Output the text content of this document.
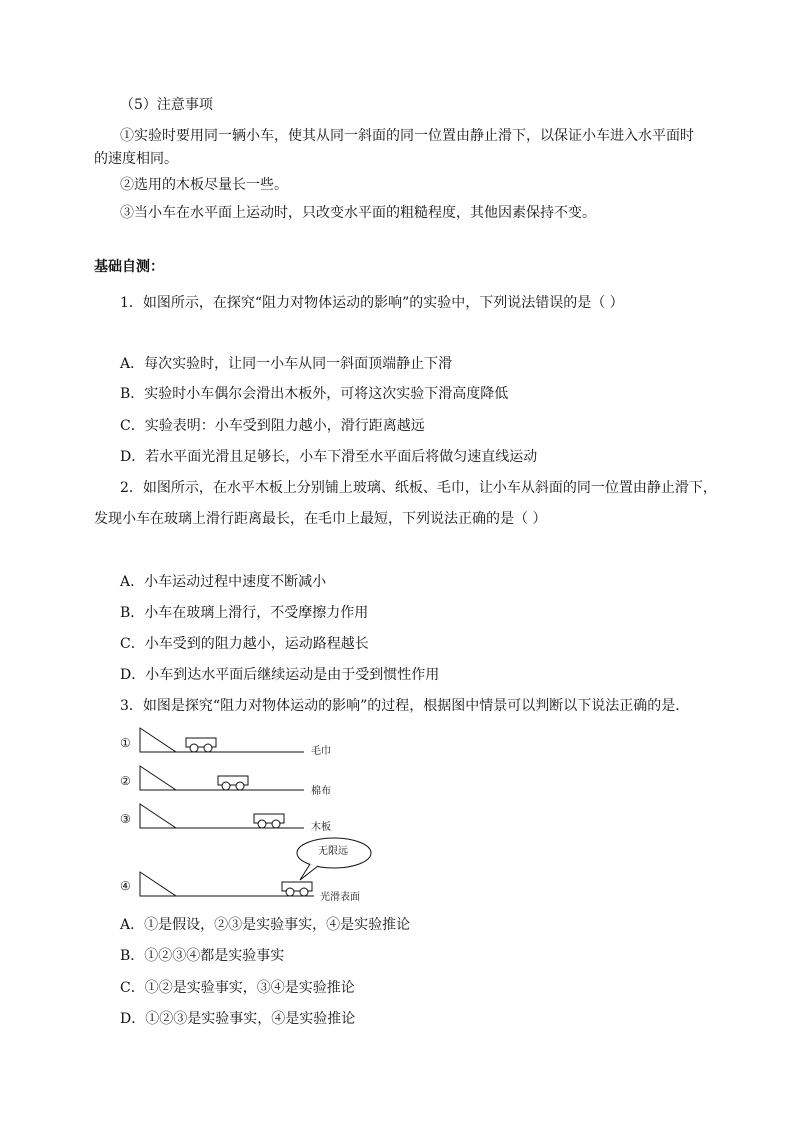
（5）注意事项
①实验时要用同一辆小车，使其从同一斜面的同一位置由静止滑下，以保证小车进入水平面时
的速度相同。
②选用的木板尽量长一些。
③当小车在水平面上运动时，只改变水平面的粗糙程度，其他因素保持不变。
基础自测：
1．如图所示，在探究“阻力对物体运动的影响”的实验中，下列说法错误的是（ ）
A．每次实验时，让同一小车从同一斜面顶端静止下滑
B．实验时小车偶尔会滑出木板外，可将这次实验下滑高度降低
C．实验表明：小车受到阻力越小，滑行距离越远
D．若水平面光滑且足够长，小车下滑至水平面后将做匀速直线运动
2．如图所示，在水平木板上分别铺上玻璃、纸板、毛巾，让小车从斜面的同一位置由静止滑下，
发现小车在玻璃上滑行距离最长，在毛巾上最短，下列说法正确的是（ ）
A．小车运动过程中速度不断减小
B．小车在玻璃上滑行，不受摩擦力作用
C．小车受到的阻力越小，运动路程越长
D．小车到达水平面后继续运动是由于受到惯性作用
3．如图是探究“阻力对物体运动的影响”的过程，根据图中情景可以判断以下说法正确的是．
①
②
③
④
毛巾
棉布
木板
光滑表面
无限远
A．①是假设，②③是实验事实，④是实验推论
B．①②③④都是实验事实
C．①②是实验事实，③④是实验推论
D．①②③是实验事实，④是实验推论
